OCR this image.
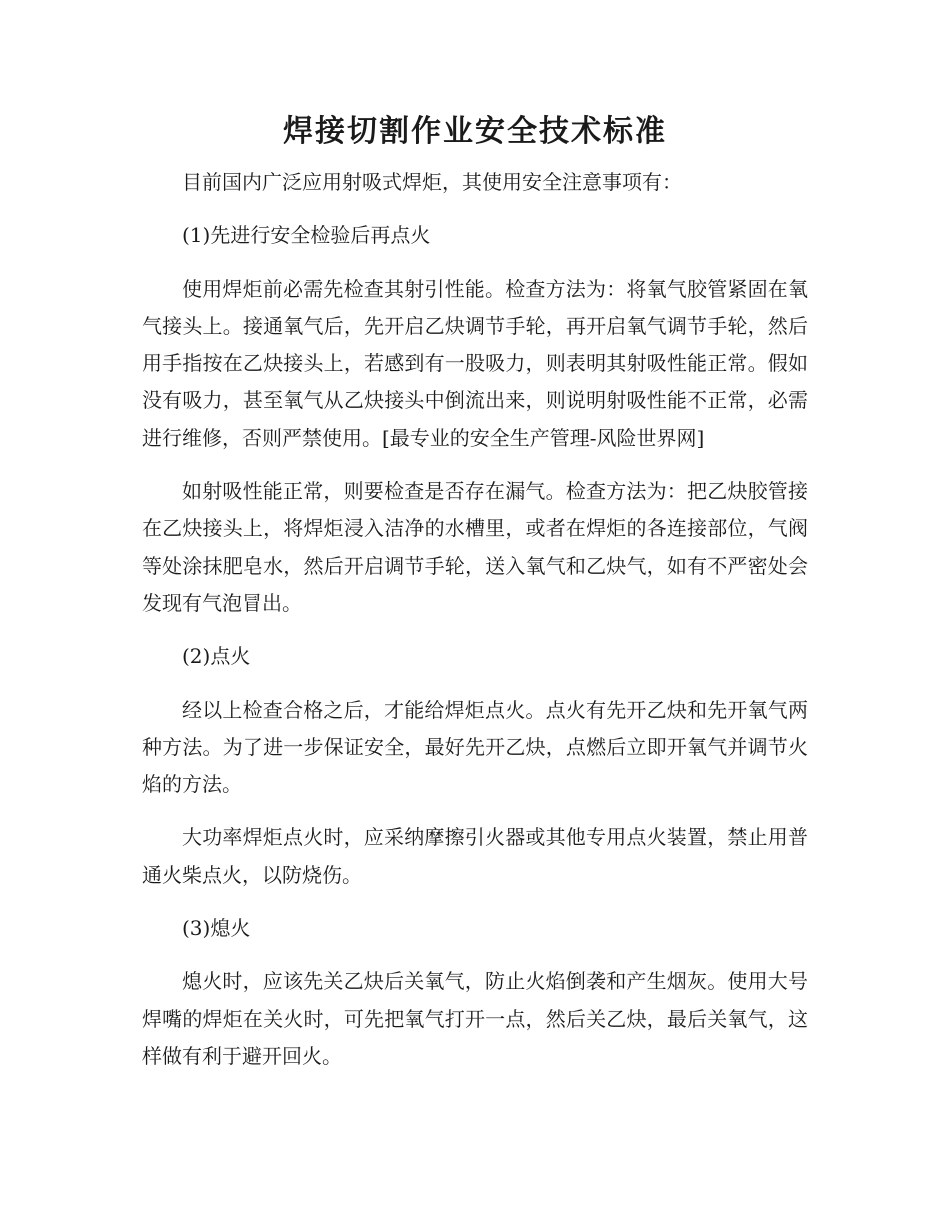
焊接切割作业安全技术标准

目前国内广泛应用射吸式焊炬，其使用安全注意事项有：

(1)先进行安全检验后再点火

使用焊炬前必需先检查其射引性能。检查方法为：将氧气胶管紧固在氧气接头上。接通氧气后，先开启乙炔调节手轮，再开启氧气调节手轮，然后用手指按在乙炔接头上，若感到有一股吸力，则表明其射吸性能正常。假如没有吸力，甚至氧气从乙炔接头中倒流出来，则说明射吸性能不正常，必需进行维修，否则严禁使用。[最专业的安全生产管理-风险世界网]

如射吸性能正常，则要检查是否存在漏气。检查方法为：把乙炔胶管接在乙炔接头上，将焊炬浸入洁净的水槽里，或者在焊炬的各连接部位，气阀等处涂抹肥皂水，然后开启调节手轮，送入氧气和乙炔气，如有不严密处会发现有气泡冒出。

(2)点火

经以上检查合格之后，才能给焊炬点火。点火有先开乙炔和先开氧气两种方法。为了进一步保证安全，最好先开乙炔，点燃后立即开氧气并调节火焰的方法。

大功率焊炬点火时，应采纳摩擦引火器或其他专用点火装置，禁止用普通火柴点火，以防烧伤。

(3)熄火

熄火时，应该先关乙炔后关氧气，防止火焰倒袭和产生烟灰。使用大号焊嘴的焊炬在关火时，可先把氧气打开一点，然后关乙炔，最后关氧气，这样做有利于避开回火。
